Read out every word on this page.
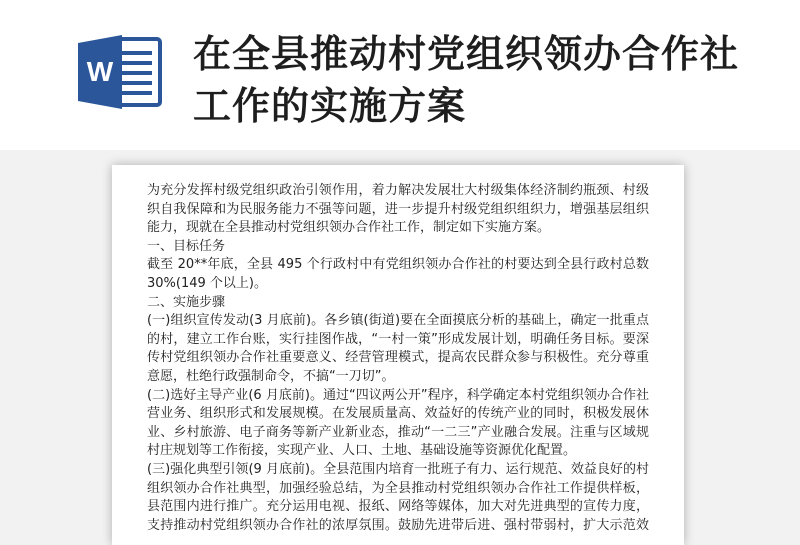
W 在全县推动村党组织领办合作社
工作的实施方案
为充分发挥村级党组织政治引领作用，着力解决发展壮大村级集体经济制约瓶颈、村级
织自我保障和为民服务能力不强等问题，进一步提升村级党组织组织力，增强基层组织
能力，现就在全县推动村党组织领办合作社工作，制定如下实施方案。
一、目标任务
截至 20**年底，全县 495 个行政村中有党组织领办合作社的村要达到全县行政村总数
30%(149 个以上)。
二、实施步骤
(一)组织宣传发动(3 月底前)。各乡镇(街道)要在全面摸底分析的基础上，确定一批重点
的村，建立工作台账，实行挂图作战，“一村一策”形成发展计划，明确任务目标。要深
传村党组织领办合作社重要意义、经营管理模式，提高农民群众参与积极性。充分尊重
意愿，杜绝行政强制命令，不搞“一刀切”。
(二)选好主导产业(6 月底前)。通过“四议两公开”程序，科学确定本村党组织领办合作社
营业务、组织形式和发展规模。在发展质量高、效益好的传统产业的同时，积极发展休
业、乡村旅游、电子商务等新产业新业态，推动“一二三”产业融合发展。注重与区域规
村庄规划等工作衔接，实现产业、人口、土地、基础设施等资源优化配置。
(三)强化典型引领(9 月底前)。全县范围内培育一批班子有力、运行规范、效益良好的村
组织领办合作社典型，加强经验总结，为全县推动村党组织领办合作社工作提供样板，
县范围内进行推广。充分运用电视、报纸、网络等媒体，加大对先进典型的宣传力度，
支持推动村党组织领办合作社的浓厚氛围。鼓励先进带后进、强村带弱村，扩大示范效
